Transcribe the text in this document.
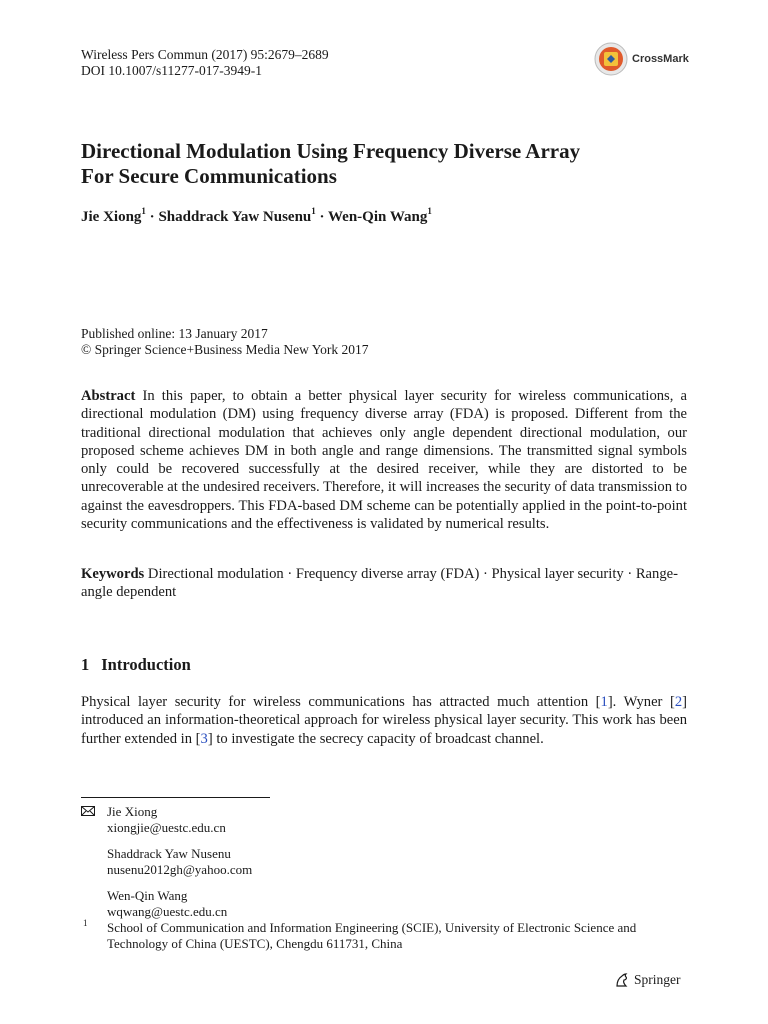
Wireless Pers Commun (2017) 95:2679–2689
DOI 10.1007/s11277-017-3949-1
CrossMark
Directional Modulation Using Frequency Diverse Array
For Secure Communications
Jie Xiong$^1$ · Shaddrack Yaw Nusenu$^1$ · Wen-Qin Wang$^1$
Published online: 13 January 2017
© Springer Science+Business Media New York 2017
Abstract In this paper, to obtain a better physical layer security for wireless communications, a directional modulation (DM) using frequency diverse array (FDA) is proposed. Different from the traditional directional modulation that achieves only angle dependent directional modulation, our proposed scheme achieves DM in both angle and range dimensions. The transmitted signal symbols only could be recovered successfully at the desired receiver, while they are distorted to be unrecoverable at the undesired receivers. Therefore, it will increases the security of data transmission to against the eavesdroppers. This FDA-based DM scheme can be potentially applied in the point-to-point security communications and the effectiveness is validated by numerical results.
Keywords Directional modulation · Frequency diverse array (FDA) · Physical layer security · Range-angle dependent
1 Introduction
Physical layer security for wireless communications has attracted much attention [1]. Wyner [2] introduced an information-theoretical approach for wireless physical layer security. This work has been further extended in [3] to investigate the secrecy capacity of broadcast channel.
Jie Xiong
xiongjie@uestc.edu.cn
Shaddrack Yaw Nusenu
nusenu2012gh@yahoo.com
Wen-Qin Wang
wqwang@uestc.edu.cn
1 School of Communication and Information Engineering (SCIE), University of Electronic Science and Technology of China (UESTC), Chengdu 611731, China
Springer
